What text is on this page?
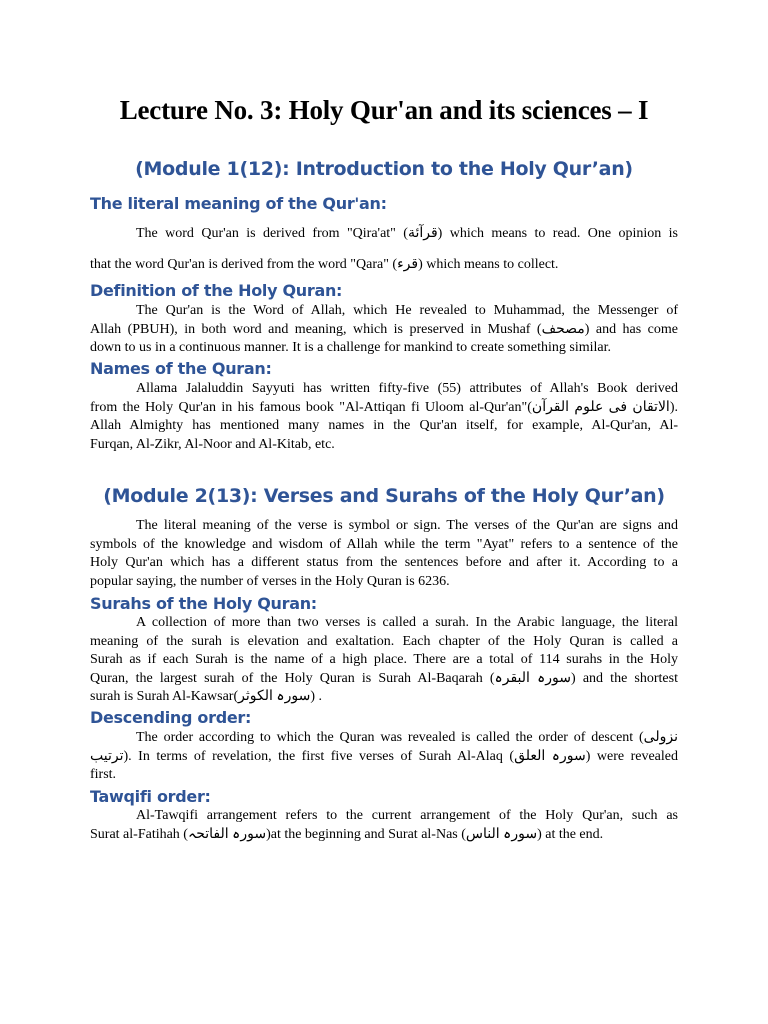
Lecture No. 3: Holy Qur'an and its sciences – I
(Module 1(12): Introduction to the Holy Qur’an)
The literal meaning of the Qur'an:
The word Qur'an is derived from "Qira'at" (قرآئة) which means to read. One opinion is
that the word Qur'an is derived from the word "Qara" (قرء) which means to collect.
Definition of the Holy Quran:
The Qur'an is the Word of Allah, which He revealed to Muhammad, the Messenger of
Allah (PBUH), in both word and meaning, which is preserved in Mushaf (مصحف) and has come
down to us in a continuous manner. It is a challenge for mankind to create something similar.
Names of the Quran:
Allama Jalaluddin Sayyuti has written fifty-five (55) attributes of Allah's Book derived
from the Holy Qur'an in his famous book "Al-Attiqan fi Uloom al-Qur'an"(الاتقان فی علوم القرآن).
Allah Almighty has mentioned many names in the Qur'an itself, for example, Al-Qur'an, Al-
Furqan, Al-Zikr, Al-Noor and Al-Kitab, etc.
(Module 2(13): Verses and Surahs of the Holy Qur’an)
The literal meaning of the verse is symbol or sign. The verses of the Qur'an are signs and
symbols of the knowledge and wisdom of Allah while the term "Ayat" refers to a sentence of the
Holy Qur'an which has a different status from the sentences before and after it. According to a
popular saying, the number of verses in the Holy Quran is 6236.
Surahs of the Holy Quran:
A collection of more than two verses is called a surah. In the Arabic language, the literal
meaning of the surah is elevation and exaltation. Each chapter of the Holy Quran is called a
Surah as if each Surah is the name of a high place. There are a total of 114 surahs in the Holy
Quran, the largest surah of the Holy Quran is Surah Al-Baqarah (سورہ البقرہ) and the shortest
surah is Surah Al-Kawsar(سورہ الکوثر) .
Descending order:
The order according to which the Quran was revealed is called the order of descent (نزولی
ترتیب). In terms of revelation, the first five verses of Surah Al-Alaq (سورہ العلق) were revealed
first.
Tawqifi order:
Al-Tawqifi arrangement refers to the current arrangement of the Holy Qur'an, such as
Surat al-Fatihah (سورہ الفاتحہ)at the beginning and Surat al-Nas (سورہ الناس) at the end.
